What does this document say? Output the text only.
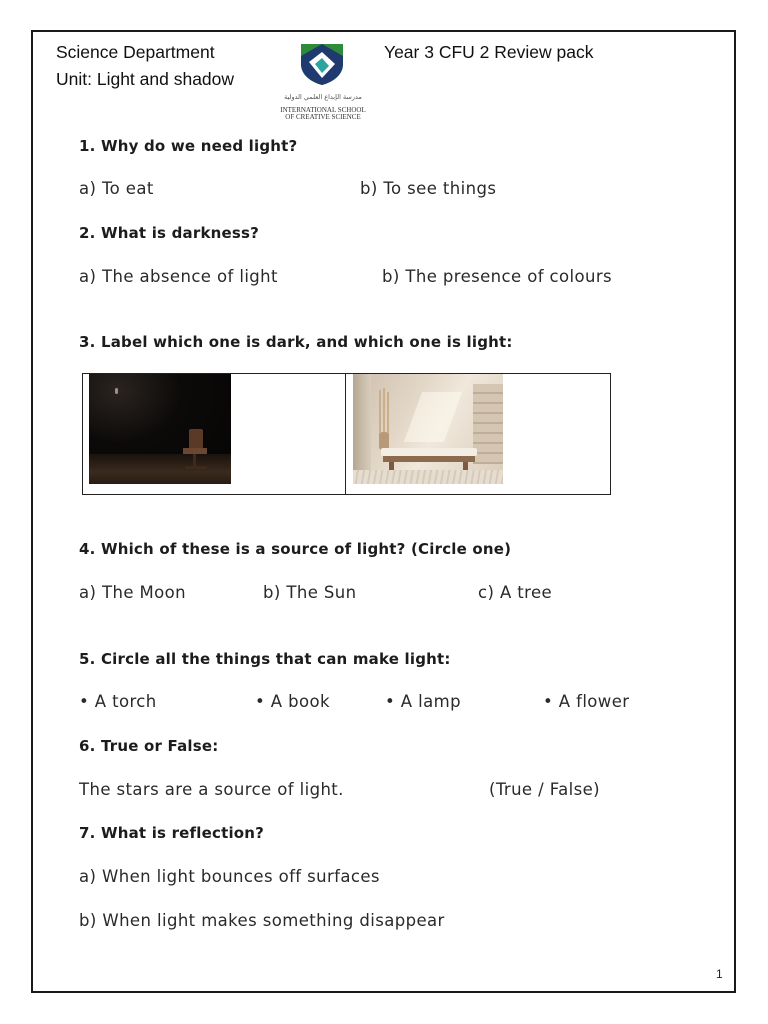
Science Department
Unit: Light and shadow
Year 3 CFU 2 Review pack
مدرسة الإبداع العلمي الدولية
INTERNATIONAL SCHOOL
OF CREATIVE SCIENCE
1. Why do we need light?
a) To eat	b) To see things
2. What is darkness?
a) The absence of light	b) The presence of colours
3. Label which one is dark, and which one is light:
4. Which of these is a source of light? (Circle one)
a) The Moon	b) The Sun	c) A tree
5. Circle all the things that can make light:
• A torch	• A book	• A lamp	• A flower
6. True or False:
The stars are a source of light.	(True / False)
7. What is reflection?
a) When light bounces off surfaces
b) When light makes something disappear
1
